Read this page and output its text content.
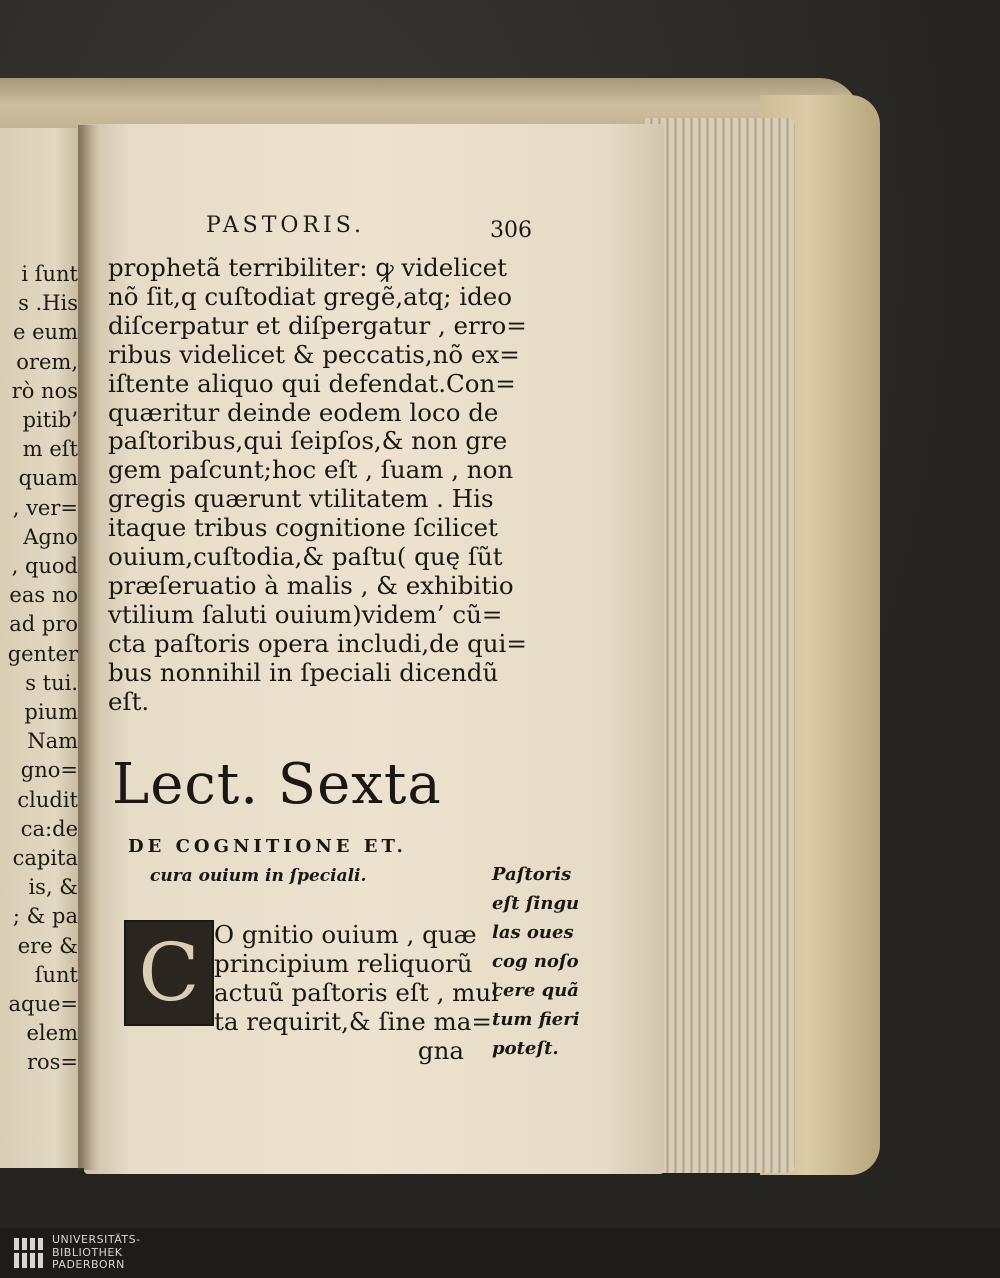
i ſunt
s .His
e eum
orem,
rò nos
pitib’
m eſt
quam
, ver=
Agno
, quod
eas no
ad pro
genter
s tui.
pium
Nam
gno=
cludit
ca:de
capita
is, &
; & pa
ere &
ſunt
aque=
elem
ros=
PASTORIS.	306
prophetã terribiliter: ꝙ videlicet
nõ ſit,q cuſtodiat gregẽ,atq; ideo
diſcerpatur et diſpergatur , erro=
ribus videlicet & peccatis,nõ ex=
iſtente aliquo qui defendat.Con=
quæritur deinde eodem loco de
paſtoribus,qui ſeipſos,& non gre
gem paſcunt;hoc eſt , ſuam , non
gregis quærunt vtilitatem . His
itaque tribus cognitione ſcilicet
ouium,cuſtodia,& paſtu( quę ſũt
præſeruatio à malis , & exhibitio
vtilium ſaluti ouium)videm’ cũ=
cta paſtoris opera includi,de qui=
bus nonnihil in ſpeciali dicendũ
eſt.
Lect. Sexta
DE COGNITIONE ET.
cura ouium in ſpeciali.
C O gnitio ouium , quæ
principium reliquorũ
actuũ paſtoris eſt , mul
ta requirit,& ſine ma=
gna
Paſtoris
eſt ſingu
las oues
cog noſo
cere quã
tum fieri
poteſt.
UNIVERSITÄTS-
BIBLIOTHEK
PADERBORN
